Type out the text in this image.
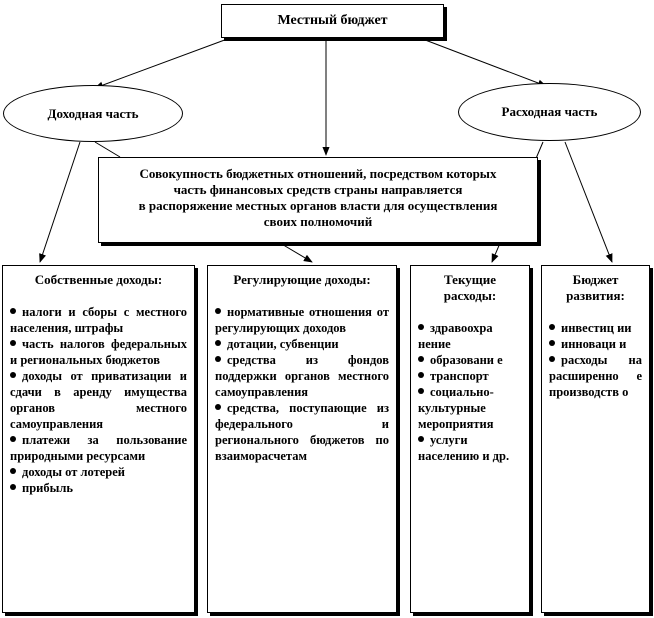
Местный бюджет
Доходная часть	Расходная часть
Совокупность бюджетных отношений, посредством которых
часть финансовых средств страны направляется
в распоряжение местных органов власти для осуществления
своих полномочий
Собственные доходы:
налоги и сборы с местного населения, штрафы
часть налогов федеральных и региональных бюджетов
доходы от приватизации и сдачи в аренду имущества органов местного самоуправления
платежи за пользование природными ресурсами
доходы от лотерей
прибыль
Регулирующие доходы:
нормативные отношения от регулирующих доходов
дотации, субвенции
средства из фондов поддержки органов местного самоуправления
средства, поступающие из федерального и регионального бюджетов по взаиморасчетам
Текущие расходы:
здравоохра нение
образовани е
транспорт
социально-культурные мероприятия
услуги населению и др.
Бюджет развития:
инвестиц ии
инноваци и
расходы на расширенно е производств о
